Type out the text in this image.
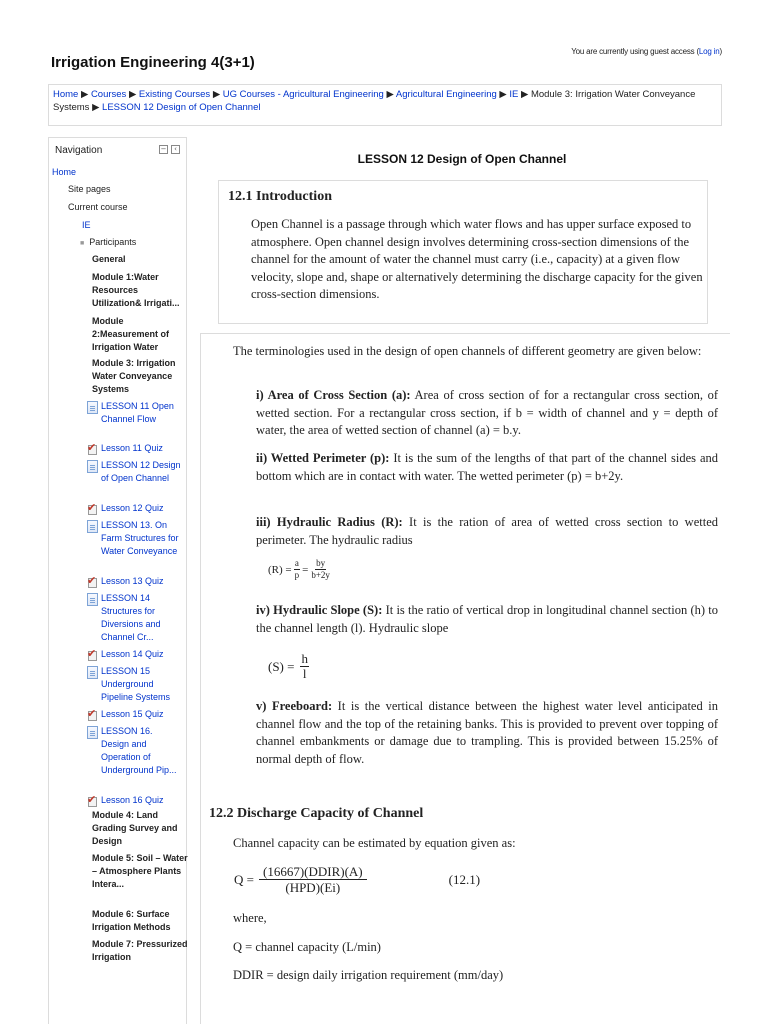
Irrigation Engineering 4(3+1)
You are currently using guest access (Log in)
Home ▶ Courses ▶ Existing Courses ▶ UG Courses - Agricultural Engineering ▶ Agricultural Engineering ▶ IE ▶ Module 3: Irrigation Water Conveyance Systems ▶ LESSON 12 Design of Open Channel
Navigation	−	‹
Home
Site pages
Current course
IE
■ Participants
General
Module 1:Water Resources Utilization& Irrigati...
Module 2:Measurement of Irrigation Water
Module 3: Irrigation Water Conveyance Systems
LESSON 11 Open Channel Flow
✔ Lesson 11 Quiz
LESSON 12 Design of Open Channel
✔ Lesson 12 Quiz
LESSON 13. On Farm Structures for Water Conveyance
✔ Lesson 13 Quiz
LESSON 14 Structures for Diversions and Channel Cr...
✔ Lesson 14 Quiz
LESSON 15 Underground Pipeline Systems
✔ Lesson 15 Quiz
LESSON 16. Design and Operation of Underground Pip...
✔ Lesson 16 Quiz
Module 4: Land Grading Survey and Design
Module 5: Soil – Water – Atmosphere Plants Intera...
Module 6: Surface Irrigation Methods
Module 7: Pressurized Irrigation
LESSON 12 Design of Open Channel
12.1 Introduction
Open Channel is a passage through which water flows and has upper surface exposed to atmosphere. Open channel design involves determining cross-section dimensions of the channel for the amount of water the channel must carry (i.e., capacity) at a given flow velocity, slope and, shape or alternatively determining the discharge capacity for the given cross-section dimensions.
The terminologies used in the design of open channels of different geometry are given below:
i) Area of Cross Section (a): Area of cross section of for a rectangular cross section, of wetted section. For a rectangular cross section, if b = width of channel and y = depth of water, the area of wetted section of channel (a) = b.y.
ii) Wetted Perimeter (p): It is the sum of the lengths of that part of the channel sides and bottom which are in contact with water. The wetted perimeter (p) = b+2y.
iii) Hydraulic Radius (R): It is the ration of area of wetted cross section to wetted perimeter. The hydraulic radius
$(R) = \frac{a}{p} = \frac{by}{b+2y}$
iv) Hydraulic Slope (S): It is the ratio of vertical drop in longitudinal channel section (h) to the channel length (l). Hydraulic slope
$(S) = \frac{h}{l}$
v) Freeboard: It is the vertical distance between the highest water level anticipated in channel flow and the top of the retaining banks. This is provided to prevent over topping of channel embankments or damage due to trampling. This is provided between 15.25% of normal depth of flow.
12.2 Discharge Capacity of Channel
Channel capacity can be estimated by equation given as:
$Q = \frac{\text{(16667)(DDIR)(A)}}{\text{(HPD)(Ei)}}$	(12.1)
where,
Q = channel capacity (L/min)
DDIR = design daily irrigation requirement (mm/day)
